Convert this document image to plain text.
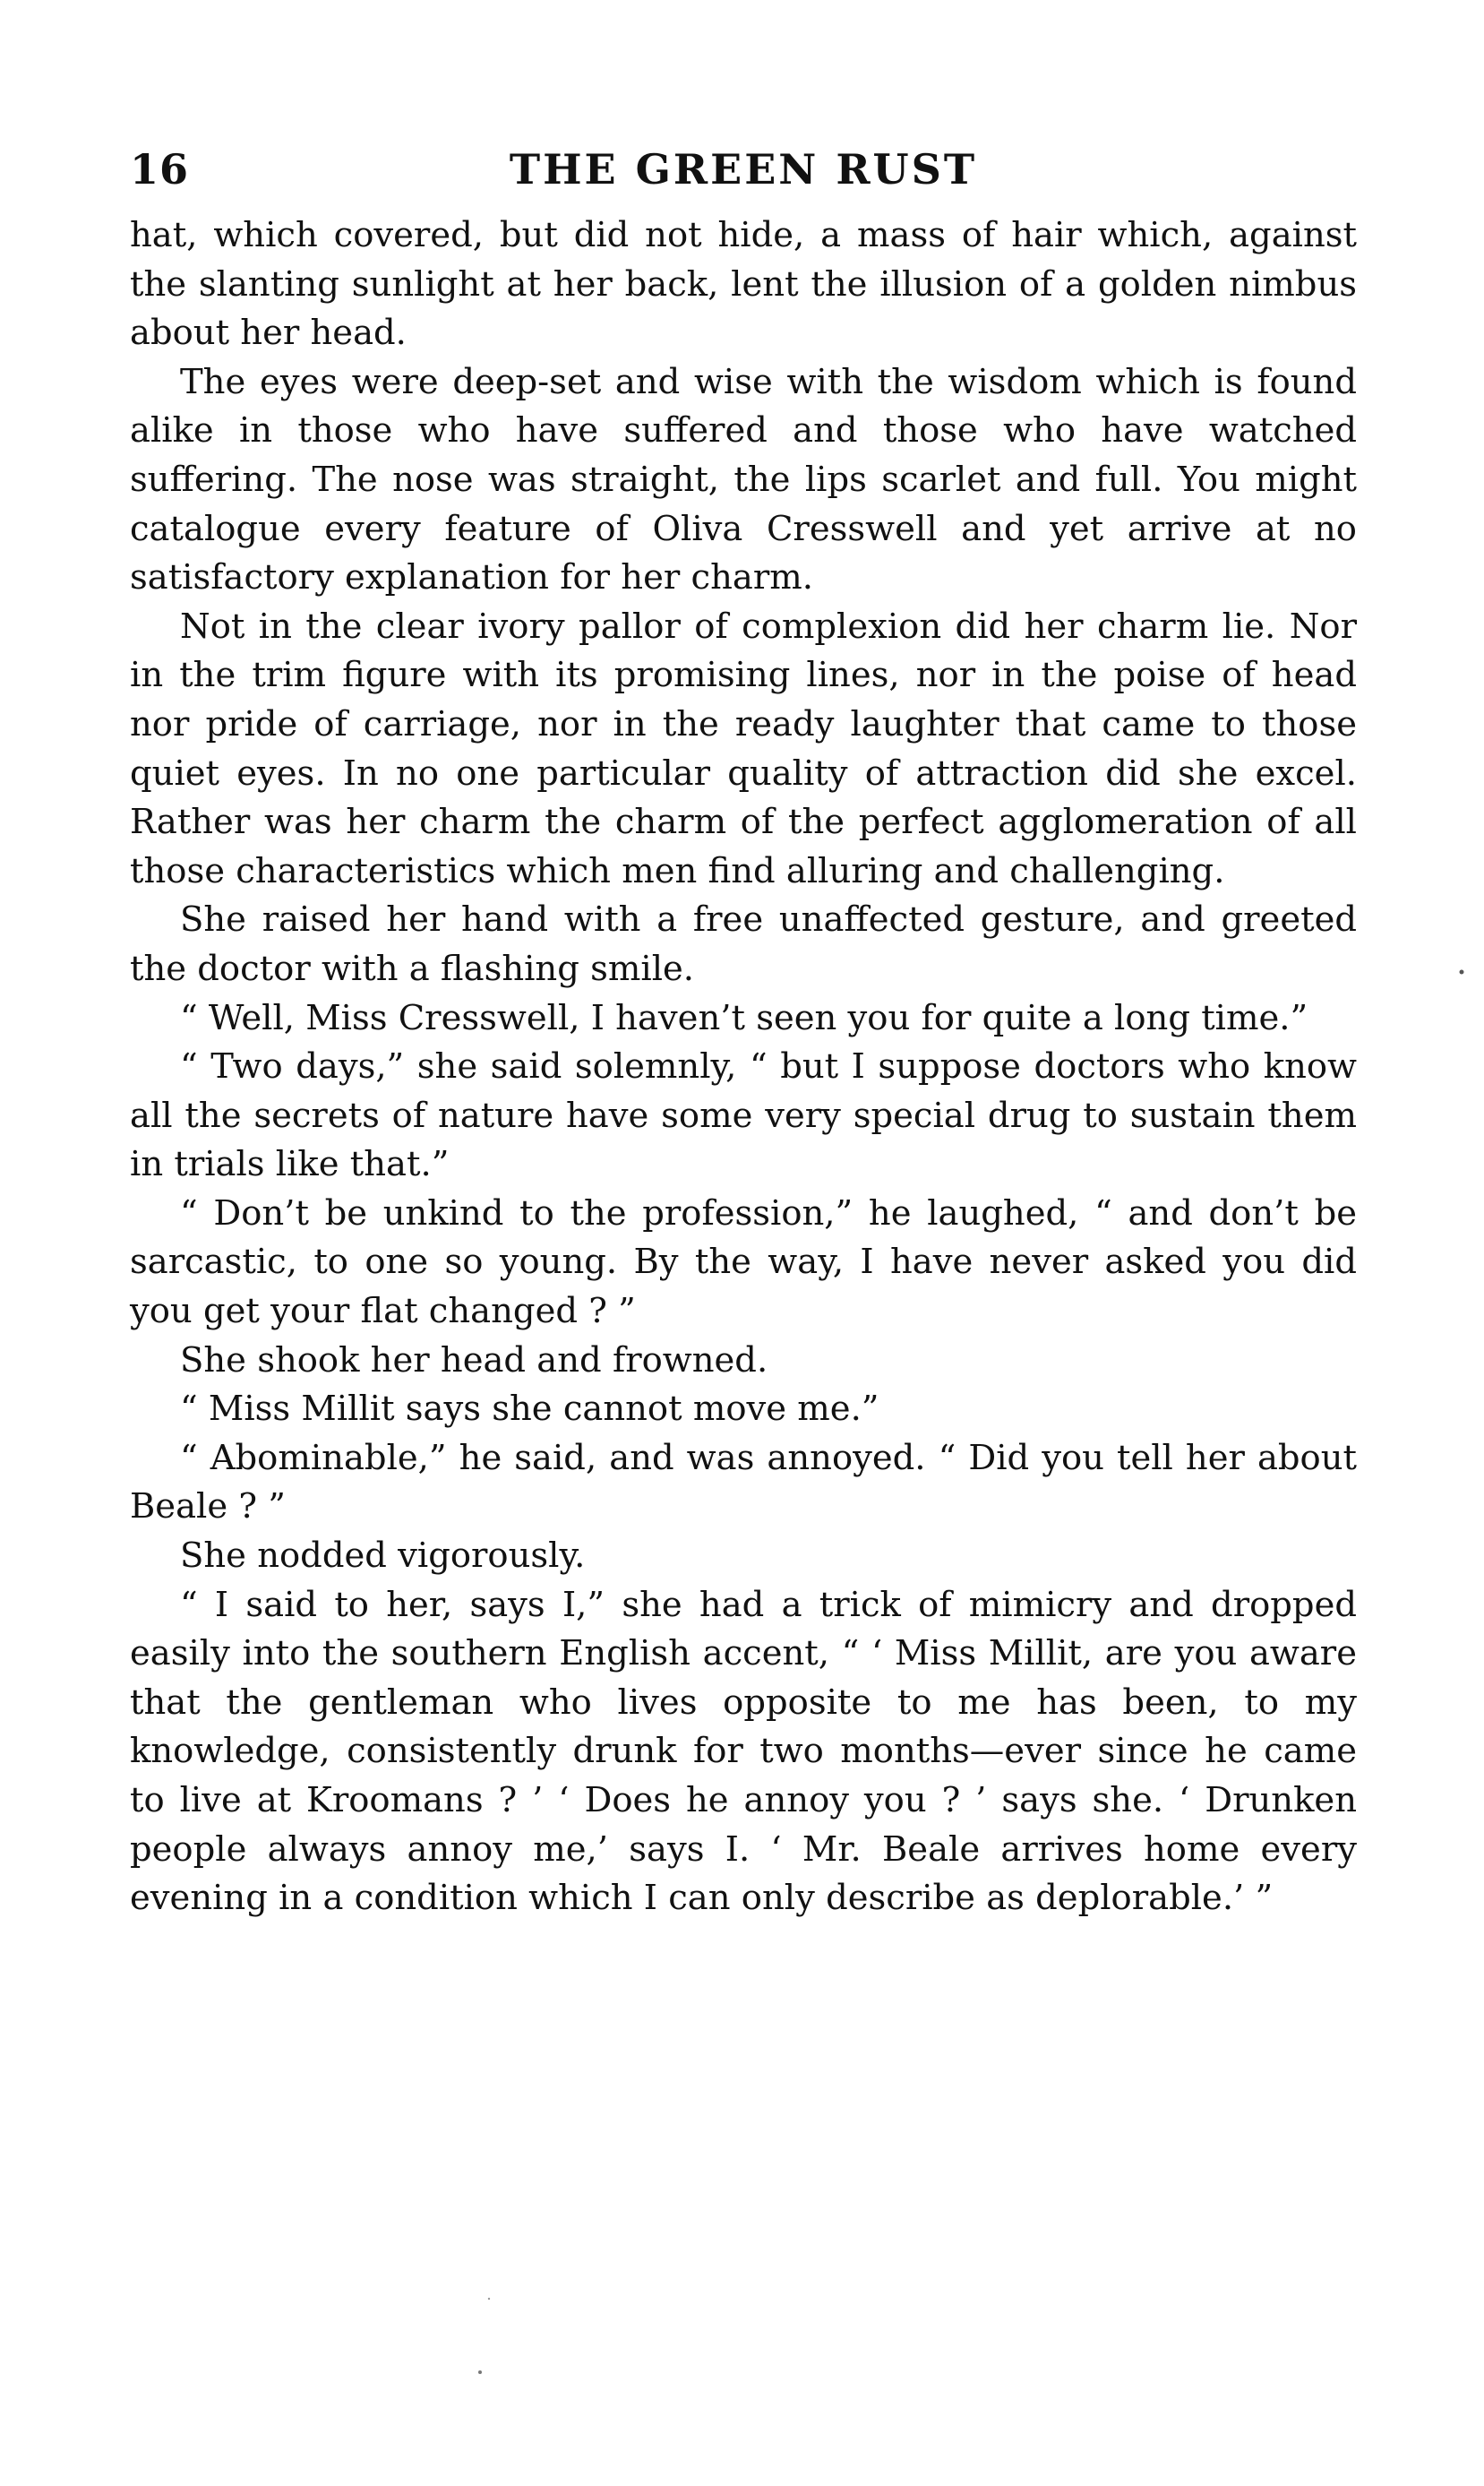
16	THE GREEN RUST

hat, which covered, but did not hide, a mass of hair which, against the slanting sunlight at her back, lent the illusion of a golden nimbus about her head.

The eyes were deep-set and wise with the wisdom which is found alike in those who have suffered and those who have watched suffering. The nose was straight, the lips scarlet and full. You might catalogue every feature of Oliva Cresswell and yet arrive at no satisfactory explanation for her charm.

Not in the clear ivory pallor of complexion did her charm lie. Nor in the trim figure with its promising lines, nor in the poise of head nor pride of carriage, nor in the ready laughter that came to those quiet eyes. In no one particular quality of attraction did she excel. Rather was her charm the charm of the perfect agglomeration of all those characteristics which men find alluring and challenging.

She raised her hand with a free unaffected gesture, and greeted the doctor with a flashing smile.

“ Well, Miss Cresswell, I haven’t seen you for quite a long time.”

“ Two days,” she said solemnly, “ but I suppose doctors who know all the secrets of nature have some very special drug to sustain them in trials like that.”

“ Don’t be unkind to the profession,” he laughed, “ and don’t be sarcastic, to one so young. By the way, I have never asked you did you get your flat changed ? ”

She shook her head and frowned.

“ Miss Millit says she cannot move me.”

“ Abominable,” he said, and was annoyed. “ Did you tell her about Beale ? ”

She nodded vigorously.

“ I said to her, says I,” she had a trick of mimicry and dropped easily into the southern English accent, “ ‘ Miss Millit, are you aware that the gentleman who lives opposite to me has been, to my knowledge, consistently drunk for two months—ever since he came to live at Kroomans ? ’ ‘ Does he annoy you ? ’ says she. ‘ Drunken people always annoy me,’ says I. ‘ Mr. Beale arrives home every evening in a condition which I can only describe as deplorable.’ ”
